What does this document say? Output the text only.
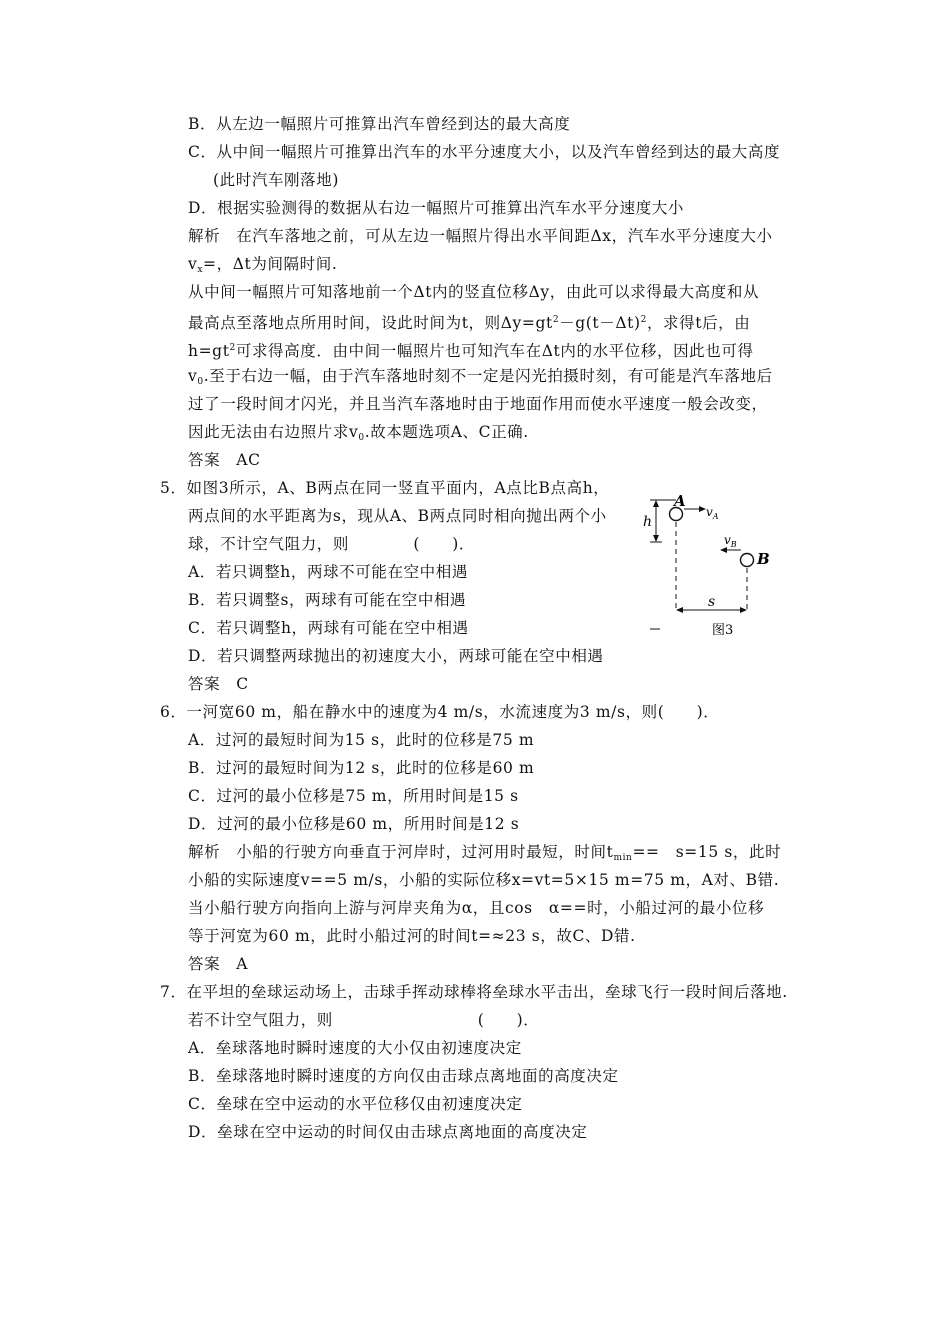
B．从左边一幅照片可推算出汽车曾经到达的最大高度
C．从中间一幅照片可推算出汽车的水平分速度大小，以及汽车曾经到达的最大高度
(此时汽车刚落地)
D．根据实验测得的数据从右边一幅照片可推算出汽车水平分速度大小
解析　在汽车落地之前，可从左边一幅照片得出水平间距Δx，汽车水平分速度大小
$v_x=$，Δt为间隔时间.
从中间一幅照片可知落地前一个Δt内的竖直位移Δy，由此可以求得最大高度和从
最高点至落地点所用时间，设此时间为t，则$\Delta y=gt^2-g(t-\Delta t)^2$，求得t后，由
$h=gt^2$可求得高度．由中间一幅照片也可知汽车在Δt内的水平位移，因此也可得
$v_0$.至于右边一幅，由于汽车落地时刻不一定是闪光拍摄时刻，有可能是汽车落地后
过了一段时间才闪光，并且当汽车落地时由于地面作用而使水平速度一般会改变，
因此无法由右边照片求$v_0$.故本题选项A、C正确.
答案　AC
5．如图3所示，A、B两点在同一竖直平面内，A点比B点高h，
两点间的水平距离为s，现从A、B两点同时相向抛出两个小
球，不计空气阻力，则　　　　(　　)．
A．若只调整h，两球不可能在空中相遇
B．若只调整s，两球有可能在空中相遇
C．若只调整h，两球有可能在空中相遇
D．若只调整两球抛出的初速度大小，两球可能在空中相遇
答案　C
6．一河宽60 m，船在静水中的速度为4 m/s，水流速度为3 m/s，则(　　)．
A．过河的最短时间为15 s，此时的位移是75 m
B．过河的最短时间为12 s，此时的位移是60 m
C．过河的最小位移是75 m，所用时间是15 s
D．过河的最小位移是60 m，所用时间是12 s
解析　小船的行驶方向垂直于河岸时，过河用时最短，时间$t_{min}==$　s=15 s，此时
小船的实际速度v==5 m/s，小船的实际位移x=vt=5×15 m=75 m，A对、B错.
当小船行驶方向指向上游与河岸夹角为α，且cos　α==时，小船过河的最小位移
等于河宽为60 m，此时小船过河的时间t=≈23 s，故C、D错.
答案　A
7．在平坦的垒球运动场上，击球手挥动球棒将垒球水平击出，垒球飞行一段时间后落地.
若不计空气阻力，则　　　　　　　　　(　　)．
A．垒球落地时瞬时速度的大小仅由初速度决定
B．垒球落地时瞬时速度的方向仅由击球点离地面的高度决定
C．垒球在空中运动的水平位移仅由初速度决定
D．垒球在空中运动的时间仅由击球点离地面的高度决定
h
A
$v_A$
B
$v_B$
s
图3
